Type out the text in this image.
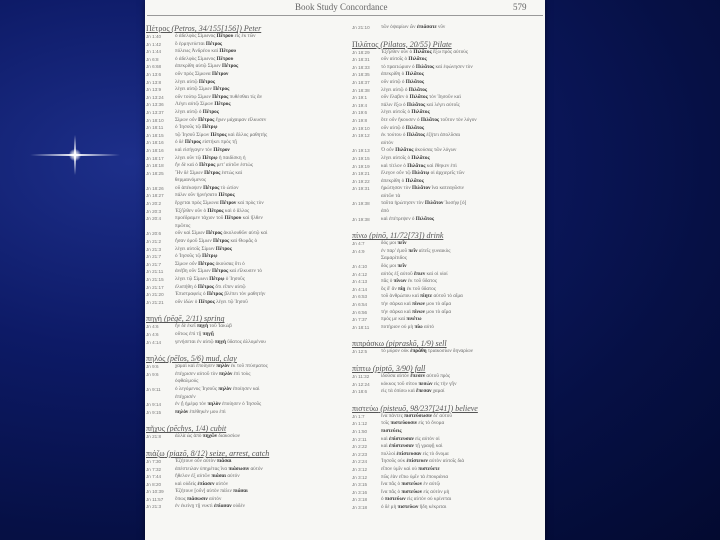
Book Study Concordance	579
Πέτρος (Petros, 34/155[156]) Peter
Jn 1:40	ὁ ἀδελφὸς Σίμωνος Πέτρου εἷς ἐκ τῶν
Jn 1:42	ὃ ἑρμηνεύεται Πέτρος
Jn 1:44	πόλεως Ἀνδρέου καὶ Πέτρου
Jn 6:8	ὁ ἀδελφὸς Σίμωνος Πέτρου
Jn 6:68	ἀπεκρίθη αὐτῷ Σίμων Πέτρος
Jn 13:6	οὖν πρὸς Σίμωνα Πέτρον
Jn 13:8	λέγει αὐτῷ Πέτρος
Jn 13:9	λέγει αὐτῷ Σίμων Πέτρος
Jn 13:24	οὖν τούτῳ Σίμων Πέτρος πυθέσθαι τίς ἂν
Jn 13:36	Λέγει αὐτῷ Σίμων Πέτρος
Jn 13:37	λέγει αὐτῷ ὁ Πέτρος
Jn 18:10	Σίμων οὖν Πέτρος ἔχων μάχαιραν εἵλκυσεν
Jn 18:11	ὁ Ἰησοῦς τῷ Πέτρῳ
Jn 18:15	τῷ Ἰησοῦ Σίμων Πέτρος καὶ ἄλλος μαθητής
Jn 18:16	ὁ δὲ Πέτρος εἱστήκει πρὸς τῇ
Jn 18:16	καὶ εἰσήγαγεν τὸν Πέτρον
Jn 18:17	λέγει οὖν τῷ Πέτρῳ ἡ παιδίσκη ἡ
Jn 18:18	ἦν δὲ καὶ ὁ Πέτρος μετ' αὐτῶν ἑστὼς
Jn 18:25	Ἦν δὲ Σίμων Πέτρος ἑστὼς καὶ
θερμαινόμενος
Jn 18:26	οὗ ἀπέκοψεν Πέτρος τὸ ὠτίον
Jn 18:27	πάλιν οὖν ἠρνήσατο Πέτρος
Jn 20:2	ἔρχεται πρὸς Σίμωνα Πέτρον καὶ πρὸς τὸν
Jn 20:3	Ἐξῆλθεν οὖν ὁ Πέτρος καὶ ὁ ἄλλος
Jn 20:4	προέδραμεν τάχιον τοῦ Πέτρου καὶ ἦλθεν
πρῶτος
Jn 20:6	οὖν καὶ Σίμων Πέτρος ἀκολουθῶν αὐτῷ καὶ
Jn 21:2	ἦσαν ὁμοῦ Σίμων Πέτρος καὶ Θωμᾶς ὁ
Jn 21:3	λέγει αὐτοῖς Σίμων Πέτρος
Jn 21:7	ὁ Ἰησοῦς τῷ Πέτρῳ
Jn 21:7	Σίμων οὖν Πέτρος ἀκούσας ὅτι ὁ
Jn 21:11	ἀνέβη οὖν Σίμων Πέτρος καὶ εἵλκυσεν τὸ
Jn 21:15	λέγει τῷ Σίμωνι Πέτρῳ ὁ Ἰησοῦς
Jn 21:17	ἐλυπήθη ὁ Πέτρος ὅτι εἶπεν αὐτῷ
Jn 21:20	Ἐπιστραφεὶς ὁ Πέτρος βλέπει τὸν μαθητὴν
Jn 21:21	οὖν ἰδὼν ὁ Πέτρος λέγει τῷ Ἰησοῦ
πηγή (pēgē, 2/11) spring
Jn 4:6	ἦν δὲ ἐκεῖ πηγὴ τοῦ Ἰακώβ
Jn 4:6	οὕτως ἐπὶ τῇ πηγῇ
Jn 4:14	γενήσεται ἐν αὐτῷ πηγὴ ὕδατος ἁλλομένου
πηλός (pēlos, 5/6) mud, clay
Jn 9:6	χαμαὶ καὶ ἐποίησεν πηλὸν ἐκ τοῦ πτύσματος
Jn 9:6	ἐπέχρισεν αὐτοῦ τὸν πηλὸν ἐπὶ τοὺς
ὀφθαλμούς
Jn 9:11	ὁ λεγόμενος Ἰησοῦς πηλὸν ἐποίησεν καὶ
ἐπέχρισέν
Jn 9:14	ἐν ᾗ ἡμέρᾳ τὸν πηλὸν ἐποίησεν ὁ Ἰησοῦς
Jn 9:15	πηλὸν ἐπέθηκέν μου ἐπὶ
πῆχυς (pēchys, 1/4) cubit
Jn 21:8	ἀλλὰ ὡς ἀπὸ πηχῶν διακοσίων
πιάζω (piazō, 8/12) seize, arrest, catch
Jn 7:30	Ἐζήτουν οὖν αὐτὸν πιάσαι
Jn 7:32	ἀπέστειλαν ὑπηρέτας ἵνα πιάσωσιν αὐτόν
Jn 7:44	ἤθελον ἐξ αὐτῶν πιάσαι αὐτόν
Jn 8:20	καὶ οὐδεὶς ἐπίασεν αὐτόν
Jn 10:39	Ἐζήτουν [οὖν] αὐτὸν πάλιν πιάσαι
Jn 11:57	ὅπως πιάσωσιν αὐτόν
Jn 21:3	ἐν ἐκείνῃ τῇ νυκτὶ ἐπίασαν οὐδέν
Jn 21:10	τῶν ὀψαρίων ὧν ἐπιάσατε νῦν
Πιλᾶτος (Pilatos, 20/55) Pilate
Jn 18:29	Ἐξῆλθεν οὖν ὁ Πιλᾶτος ἔξω πρὸς αὐτοὺς
Jn 18:31	οὖν αὐτοῖς ὁ Πιλᾶτος
Jn 18:33	τὸ πραιτώριον ὁ Πιλᾶτος καὶ ἐφώνησεν τὸν
Jn 18:35	ἀπεκρίθη ὁ Πιλᾶτος
Jn 18:37	οὖν αὐτῷ ὁ Πιλᾶτος
Jn 18:38	λέγει αὐτῷ ὁ Πιλᾶτος
Jn 19:1	οὖν ἔλαβεν ὁ Πιλᾶτος τὸν Ἰησοῦν καὶ
Jn 19:4	πάλιν ἔξω ὁ Πιλᾶτος καὶ λέγει αὐτοῖς
Jn 19:6	λέγει αὐτοῖς ὁ Πιλᾶτος
Jn 19:8	ὅτε οὖν ἤκουσεν ὁ Πιλᾶτος τοῦτον τὸν λόγον
Jn 19:10	οὖν αὐτῷ ὁ Πιλᾶτος
Jn 19:12	ἐκ τούτου ὁ Πιλᾶτος ἐζήτει ἀπολῦσαι
αὐτόν
Jn 19:13	Ὁ οὖν Πιλᾶτος ἀκούσας τῶν λόγων
Jn 19:15	λέγει αὐτοῖς ὁ Πιλᾶτος
Jn 19:19	καὶ τίτλον ὁ Πιλᾶτος καὶ ἔθηκεν ἐπὶ
Jn 19:21	ἔλεγον οὖν τῷ Πιλάτῳ οἱ ἀρχιερεῖς τῶν
Jn 19:22	ἀπεκρίθη ὁ Πιλᾶτος
Jn 19:31	ἠρώτησαν τὸν Πιλᾶτον ἵνα κατεαγῶσιν
αὐτῶν τὰ
Jn 19:38	ταῦτα ἠρώτησεν τὸν Πιλᾶτον Ἰωσὴφ [ὁ]
ἀπὸ
Jn 19:38	καὶ ἐπέτρεψεν ὁ Πιλᾶτος
πίνω (pinō, 11/72[73]) drink
Jn 4:7	δός μοι πεῖν
Jn 4:9	ἐν παρ' ἐμοῦ πεῖν αἰτεῖς γυναικὸς
Σαμαρίτιδος
Jn 4:10	δός μοι πεῖν
Jn 4:12	αὐτὸς ἐξ αὐτοῦ ἔπιεν καὶ οἱ υἱοί
Jn 4:13	πᾶς ὁ πίνων ἐκ τοῦ ὕδατος
Jn 4:14	ὃς δ' ἂν πίῃ ἐκ τοῦ ὕδατος
Jn 6:53	τοῦ ἀνθρώπου καὶ πίητε αὐτοῦ τὸ αἷμα
Jn 6:54	τὴν σάρκα καὶ πίνων μου τὸ αἷμα
Jn 6:56	τὴν σάρκα καὶ πίνων μου τὸ αἷμα
Jn 7:37	πρός με καὶ πινέτω
Jn 18:11	ποτήριον οὐ μὴ πίω αὐτό
πιπράσκω (pipraskō, 1/9) sell
Jn 12:5	τὸ μύρον οὐκ ἐπράθη τριακοσίων δηναρίων
πίπτω (piptō, 3/90) fall
Jn 11:32	ἰδοῦσα αὐτὸν ἔπεσεν αὐτοῦ πρὸς
Jn 12:24	κόκκος τοῦ σίτου πεσὼν εἰς τὴν γῆν
Jn 18:6	εἰς τὰ ὀπίσω καὶ ἔπεσαν χαμαί
πιστεύω (pisteuō, 98/237[241]) believe
Jn 1:7	ἵνα πάντες πιστεύσωσιν δι' αὐτοῦ
Jn 1:12	τοῖς πιστεύουσιν εἰς τὸ ὄνομα
Jn 1:50	πιστεύεις
Jn 2:11	καὶ ἐπίστευσαν εἰς αὐτὸν οἱ
Jn 2:22	καὶ ἐπίστευσαν τῇ γραφῇ καὶ
Jn 2:23	πολλοὶ ἐπίστευσαν εἰς τὸ ὄνομα
Jn 2:24	Ἰησοῦς οὐκ ἐπίστευεν αὐτὸν αὐτοῖς διὰ
Jn 3:12	εἶπον ὑμῖν καὶ οὐ πιστεύετε
Jn 3:12	πῶς ἐὰν εἴπω ὑμῖν τὰ ἐπουράνια
Jn 3:15	ἵνα πᾶς ὁ πιστεύων ἐν αὐτῷ
Jn 3:16	ἵνα πᾶς ὁ πιστεύων εἰς αὐτὸν μὴ
Jn 3:18	ὁ πιστεύων εἰς αὐτὸν οὐ κρίνεται
Jn 3:18	ὁ δὲ μὴ πιστεύων ἤδη κέκριται
